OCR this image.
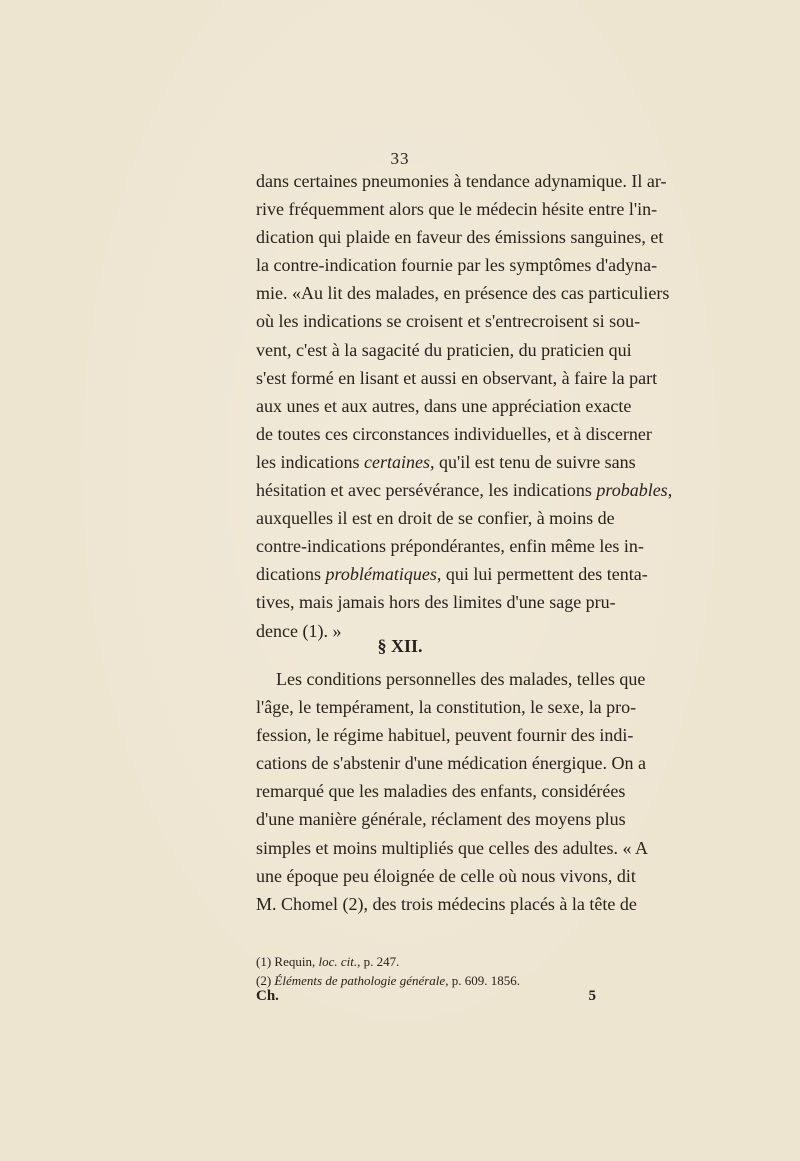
33
dans certaines pneumonies à tendance adynamique. Il ar-
rive fréquemment alors que le médecin hésite entre l'in-
dication qui plaide en faveur des émissions sanguines, et
la contre-indication fournie par les symptômes d'adyna-
mie. «Au lit des malades, en présence des cas particuliers
où les indications se croisent et s'entrecroisent si sou-
vent, c'est à la sagacité du praticien, du praticien qui
s'est formé en lisant et aussi en observant, à faire la part
aux unes et aux autres, dans une appréciation exacte
de toutes ces circonstances individuelles, et à discerner
les indications certaines, qu'il est tenu de suivre sans
hésitation et avec persévérance, les indications probables,
auxquelles il est en droit de se confier, à moins de
contre-indications prépondérantes, enfin même les in-
dications problématiques, qui lui permettent des tenta-
tives, mais jamais hors des limites d'une sage pru-
dence (1). »
§ XII.
Les conditions personnelles des malades, telles que
l'âge, le tempérament, la constitution, le sexe, la pro-
fession, le régime habituel, peuvent fournir des indi-
cations de s'abstenir d'une médication énergique. On a
remarqué que les maladies des enfants, considérées
d'une manière générale, réclament des moyens plus
simples et moins multipliés que celles des adultes. « A
une époque peu éloignée de celle où nous vivons, dit
M. Chomel (2), des trois médecins placés à la tête de
(1) Requin, loc. cit., p. 247.
(2) Éléments de pathologie générale, p. 609. 1856.
Ch.	5
